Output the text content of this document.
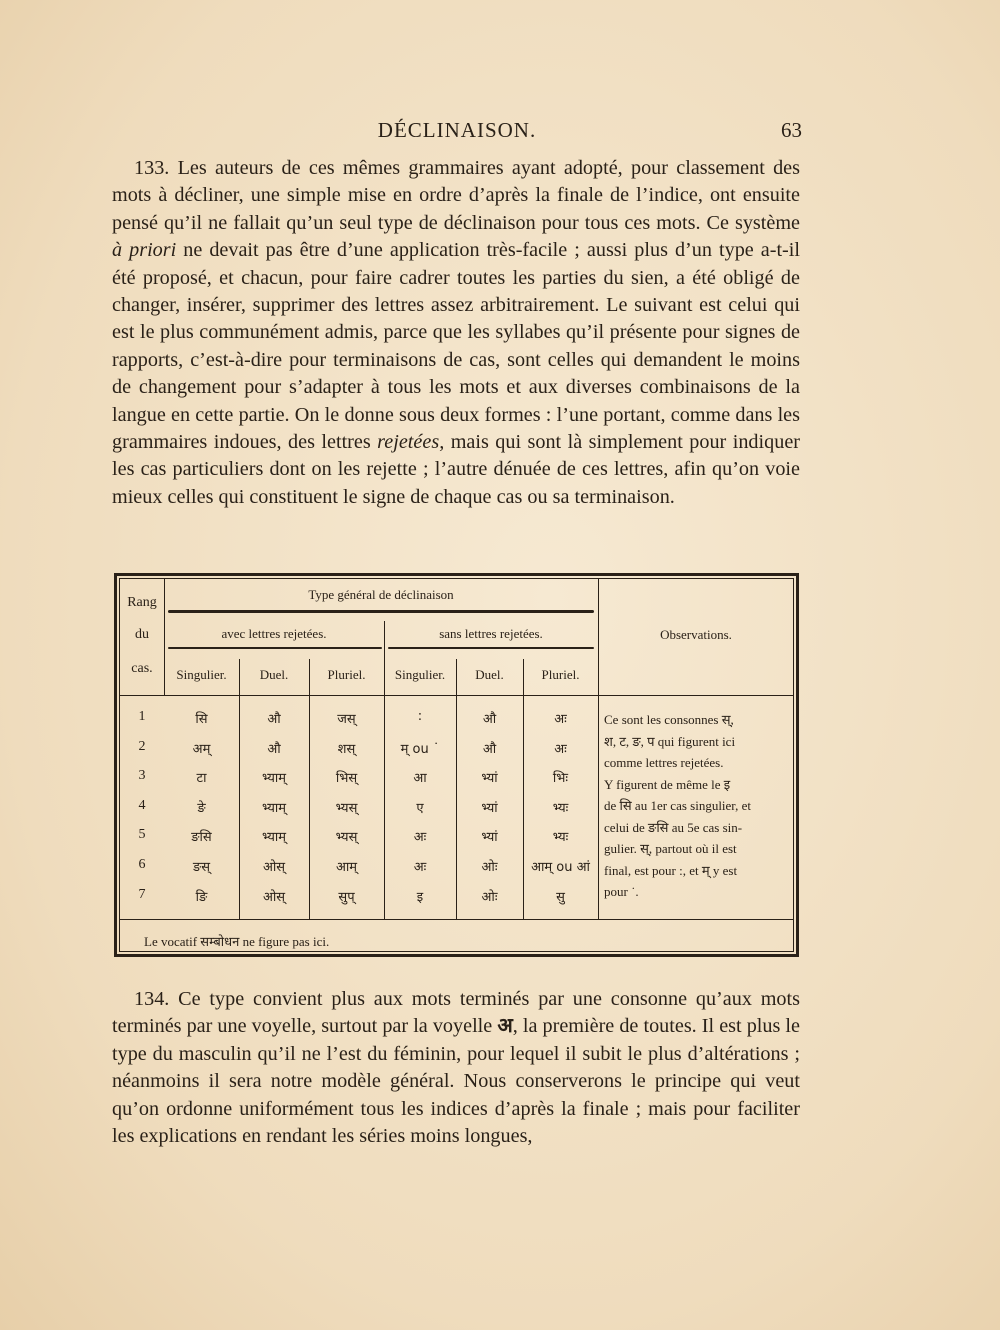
DÉCLINAISON.	63

133. Les auteurs de ces mêmes grammaires ayant adopté, pour classement des mots à décliner, une simple mise en ordre d’après la finale de l’indice, ont ensuite pensé qu’il ne fallait qu’un seul type de déclinaison pour tous ces mots. Ce système à priori ne devait pas être d’une application très-facile ; aussi plus d’un type a-t-il été proposé, et chacun, pour faire cadrer toutes les parties du sien, a été obligé de changer, insérer, supprimer des lettres assez arbitrairement. Le suivant est celui qui est le plus communément admis, parce que les syllabes qu’il présente pour signes de rapports, c’est-à-dire pour terminaisons de cas, sont celles qui demandent le moins de changement pour s’adapter à tous les mots et aux diverses combinaisons de la langue en cette partie. On le donne sous deux formes : l’une portant, comme dans les grammaires indoues, des lettres rejetées, mais qui sont là simplement pour indiquer les cas particuliers dont on les rejette ; l’autre dénuée de ces lettres, afin qu’on voie mieux celles qui constituent le signe de chaque cas ou sa terminaison.

Rang
du
cas.
Type général de déclinaison
avec lettres rejetées.	sans lettres rejetées.	Observations.
Singulier.	Duel.	Pluriel.	Singulier.	Duel.	Pluriel.
1	सि	औ	जस्	:	औ	अः
2	अम्	औ	शस्	म् ou ˙	औ	अः
3	टा	भ्याम्	भिस्	आ	भ्यां	भिः
4	ङे	भ्याम्	भ्यस्	ए	भ्यां	भ्यः
5	ङसि	भ्याम्	भ्यस्	अः	भ्यां	भ्यः
6	ङस्	ओस्	आम्	अः	ओः	आम् ou आं
7	ङि	ओस्	सुप्	इ	ओः	सु

Ce sont les consonnes स्,
श, ट, ङ, प qui figurent ici
comme lettres rejetées.
Y figurent de même le इ
de सि au 1er cas singulier, et
celui de ङसि au 5e cas sin-
gulier. स्, partout où il est
final, est pour :, et म् y est
pour ˙.

Le vocatif सम्बोधन ne figure pas ici.

134. Ce type convient plus aux mots terminés par une consonne qu’aux mots terminés par une voyelle, surtout par la voyelle अ, la première de toutes. Il est plus le type du masculin qu’il ne l’est du féminin, pour lequel il subit le plus d’altérations ; néanmoins il sera notre modèle général. Nous conserverons le principe qui veut qu’on ordonne uniformément tous les indices d’après la finale ; mais pour faciliter les explications en rendant les séries moins longues,
